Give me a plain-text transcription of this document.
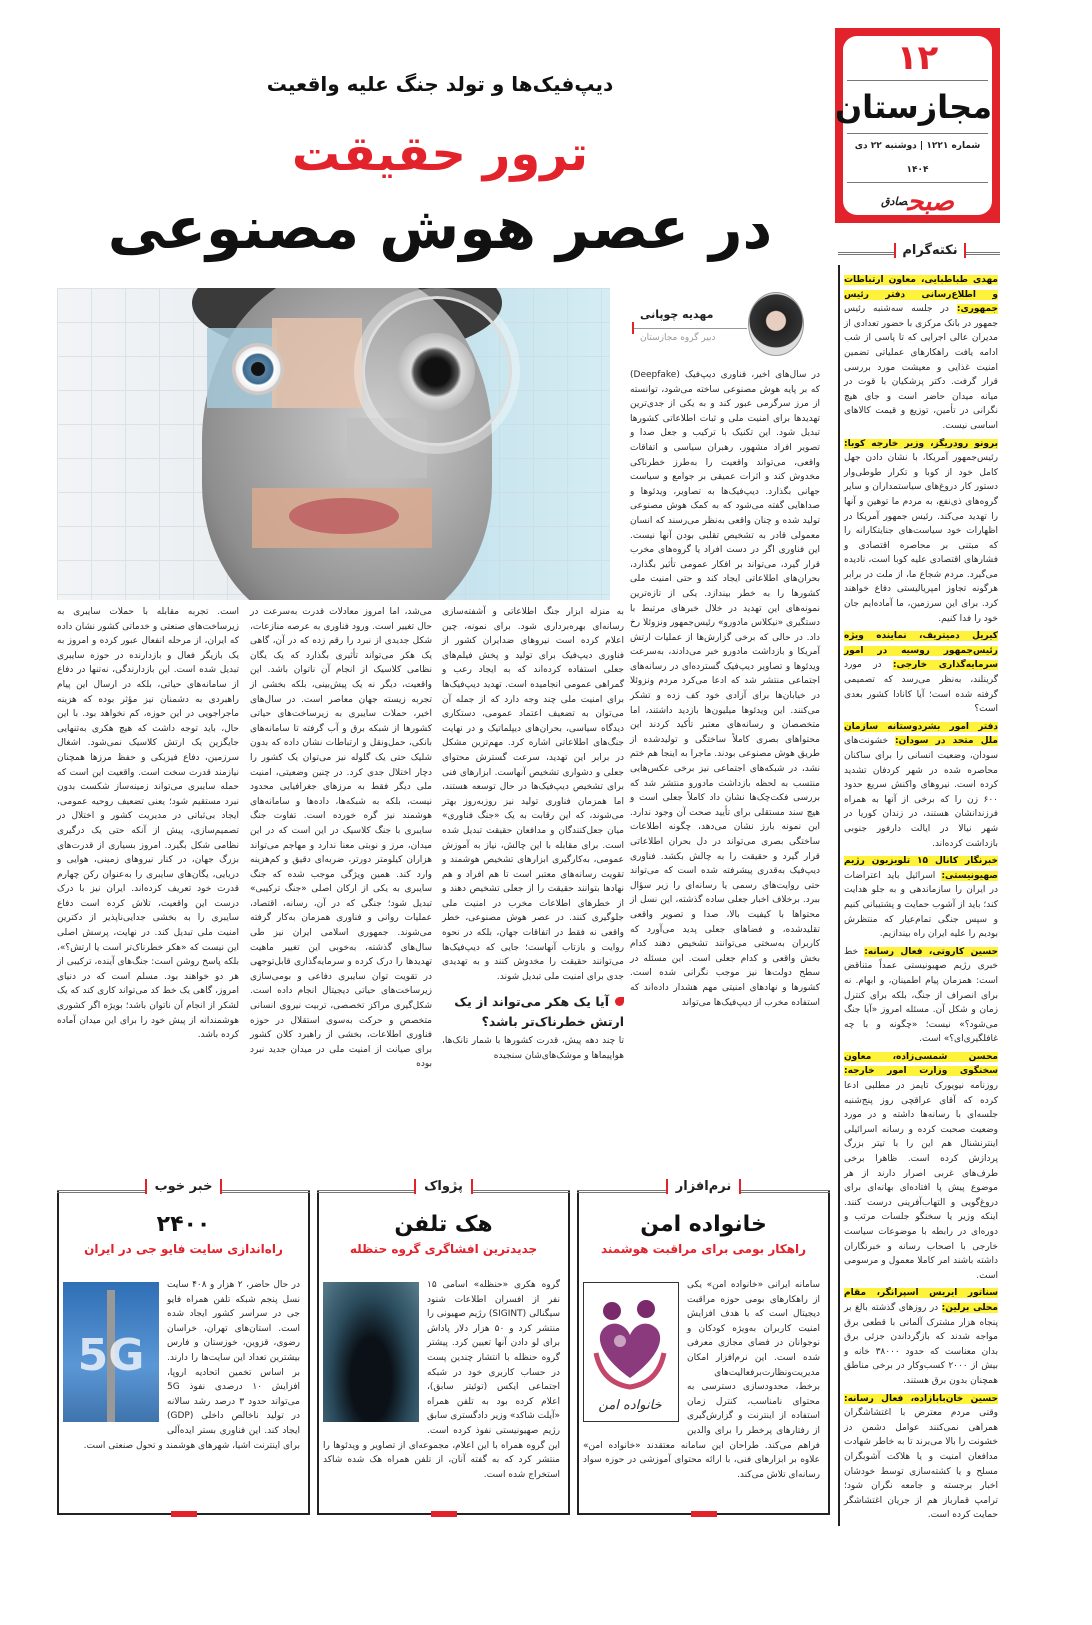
۱۲
مجازستان
شماره ۱۲۲۱ | دوشنبه ۲۲ دی ۱۴۰۴
صبح$^{صادق}$
دیپ‌فیک‌ها و تولد جنگ علیه واقعیت
ترور حقیقت
در عصر هوش مصنوعی
مهدیه چوپانی
دبیر گروه مجازستان
در سال‌های اخیر، فناوری دیپ‌فیک (Deepfake) که بر پایه هوش مصنوعی ساخته می‌شود، توانسته از مرز سرگرمی عبور کند و به یکی از جدی‌ترین تهدیدها برای امنیت ملی و ثبات اطلاعاتی کشورها تبدیل شود. این تکنیک با ترکیب و جعل صدا و تصویر افراد مشهور، رهبران سیاسی و اتفاقات واقعی، می‌تواند واقعیت را به‌طرز خطرناکی مخدوش کند و اثرات عمیقی بر جوامع و سیاست جهانی بگذارد. دیپ‌فیک‌ها به تصاویر، ویدئوها و صداهایی گفته می‌شود که به کمک هوش مصنوعی تولید شده و چنان واقعی به‌نظر می‌رسند که انسان معمولی قادر به تشخیص تقلبی بودن آنها نیست. این فناوری اگر در دست افراد یا گروه‌های مخرب قرار گیرد، می‌تواند بر افکار عمومی تأثیر بگذارد، بحران‌های اطلاعاتی ایجاد کند و حتی امنیت ملی کشورها را به خطر بیندازد. یکی از تازه‌ترین نمونه‌های این تهدید در خلال خبرهای مرتبط با دستگیری «نیکلاس مادورو» رئیس‌جمهور ونزوئلا رخ داد. در حالی که برخی گزارش‌ها از عملیات ارتش آمریکا و بازداشت مادورو خبر می‌دادند، به‌سرعت ویدئوها و تصاویر دیپ‌فیک گسترده‌ای در رسانه‌های اجتماعی منتشر شد که ادعا می‌کرد مردم ونزوئلا در خیابان‌ها برای آزادی خود کف زده و تشکر می‌کنند. این ویدئوها میلیون‌ها بازدید داشتند، اما متخصصان و رسانه‌های معتبر تأکید کردند این محتواهای بصری کاملاً ساختگی و تولیدشده از طریق هوش مصنوعی بودند. ماجرا به اینجا هم ختم نشد، در شبکه‌های اجتماعی نیز برخی عکس‌هایی منتسب به لحظه بازداشت مادورو منتشر شد که بررسی فکت‌چک‌ها نشان داد کاملاً جعلی است و هیچ سند مستقلی برای تأیید صحت آن وجود ندارد. این نمونه بارز نشان می‌دهد، چگونه اطلاعات ساختگی بصری می‌تواند در دل بحران اطلاعاتی قرار گیرد و حقیقت را به چالش بکشد. فناوری دیپ‌فیک به‌قدری پیشرفته شده است که می‌تواند حتی روایت‌های رسمی یا رسانه‌ای را زیر سؤال ببرد. برخلاف اخبار جعلی ساده گذشته، این نسل از محتواها با کیفیت بالا، صدا و تصویر واقعی تقلیدشده، و فضاهای جعلی پدید می‌آورد که کاربران به‌سختی می‌توانند تشخیص دهند کدام بخش واقعی و کدام جعلی است. این مسئله در سطح دولت‌ها نیز موجب نگرانی شده است. کشورها و نهادهای امنیتی مهم هشدار داده‌اند که استفاده مخرب از دیپ‌فیک‌ها می‌تواند
به منزله ابزار جنگ اطلاعاتی و آشفته‌سازی رسانه‌ای بهره‌برداری شود. برای نمونه، چین اعلام کرده است نیروهای ضدایران کشور از فناوری دیپ‌فیک برای تولید و پخش فیلم‌های جعلی استفاده کرده‌اند که به ایجاد رعب و گمراهی عمومی انجامیده است. تهدید دیپ‌فیک‌ها برای امنیت ملی چند وجه دارد که از جمله آن می‌توان به تضعیف اعتماد عمومی، دستکاری دیدگاه سیاسی، بحران‌های دیپلماتیک و در نهایت جنگ‌های اطلاعاتی اشاره کرد. مهم‌ترین مشکل در برابر این تهدید، سرعت گسترش محتوای جعلی و دشواری تشخیص آنهاست. ابزارهای فنی برای تشخیص دیپ‌فیک‌ها در حال توسعه هستند، اما همزمان فناوری تولید نیز روزبه‌روز بهتر می‌شوند، که این رقابت به یک «جنگ فناوری» میان جعل‌کنندگان و مدافعان حقیقت تبدیل شده است. برای مقابله با این چالش، نیاز به آموزش عمومی، به‌کارگیری ابزارهای تشخیص هوشمند و تقویت رسانه‌های معتبر است تا هم افراد و هم نهادها بتوانند حقیقت را از جعلی تشخیص دهند و از خطرهای اطلاعات مخرب در امنیت ملی جلوگیری کنند. در عصر هوش مصنوعی، خطر واقعی نه فقط در اتفاقات جهان، بلکه در نحوه روایت و بازتاب آنهاست؛ جایی که دیپ‌فیک‌ها می‌توانند حقیقت را مخدوش کنند و به تهدیدی جدی برای امنیت ملی تبدیل شوند.
آیا یک هکر می‌تواند از یک ارتش خطرناک‌تر باشد؟
تا چند دهه پیش، قدرت کشورها با شمار تانک‌ها، هواپیماها و موشک‌های‌شان سنجیده
می‌شد، اما امروز معادلات قدرت به‌سرعت در حال تغییر است. ورود فناوری به عرصه منازعات، شکل جدیدی از نبرد را رقم زده که در آن، گاهی یک هکر می‌تواند تأثیری بگذارد که یک یگان نظامی کلاسیک از انجام آن ناتوان باشد. این واقعیت، دیگر نه یک پیش‌بینی، بلکه بخشی از تجربه زیسته جهان معاصر است. در سال‌های اخیر، حملات سایبری به زیرساخت‌های حیاتی کشورها از شبکه برق و آب گرفته تا سامانه‌های بانکی، حمل‌ونقل و ارتباطات نشان داده که بدون شلیک حتی یک گلوله نیز می‌توان یک کشور را دچار اختلال جدی کرد. در چنین وضعیتی، امنیت ملی دیگر فقط به مرزهای جغرافیایی محدود نیست، بلکه به شبکه‌ها، داده‌ها و سامانه‌های هوشمند نیز گره خورده است. تفاوت جنگ سایبری با جنگ کلاسیک در این است که در این میدان، مرز و نوبتی معنا ندارد و مهاجم می‌تواند هزاران کیلومتر دورتر، ضربه‌ای دقیق و کم‌هزینه وارد کند. همین ویژگی موجب شده که جنگ سایبری به یکی از ارکان اصلی «جنگ ترکیبی» تبدیل شود؛ جنگی که در آن، رسانه، اقتصاد، عملیات روانی و فناوری همزمان به‌کار گرفته می‌شوند. جمهوری اسلامی ایران نیز طی سال‌های گذشته، به‌خوبی این تغییر ماهیت تهدیدها را درک کرده و سرمایه‌گذاری قابل‌توجهی در تقویت توان سایبری دفاعی و بومی‌سازی زیرساخت‌های حیاتی دیجیتال انجام داده است. شکل‌گیری مراکز تخصصی، تربیت نیروی انسانی متخصص و حرکت به‌سوی استقلال در حوزه فناوری اطلاعات، بخشی از راهبرد کلان کشور برای صیانت از امنیت ملی در میدان جدید نبرد بوده
است. تجربه مقابله با حملات سایبری به زیرساخت‌های صنعتی و خدماتی کشور نشان داده که ایران، از مرحله انفعال عبور کرده و امروز به یک بازیگر فعال و بازدارنده در حوزه سایبری تبدیل شده است. این بازدارندگی، نه‌تنها در دفاع از سامانه‌های حیاتی، بلکه در ارسال این پیام راهبردی به دشمنان نیز مؤثر بوده که هزینه ماجراجویی در این حوزه، کم نخواهد بود. با این حال، باید توجه داشت که هیچ هکری به‌تنهایی جایگزین یک ارتش کلاسیک نمی‌شود. اشغال سرزمین، دفاع فیزیکی و حفظ مرزها همچنان نیازمند قدرت سخت است. واقعیت این است که حمله سایبری می‌تواند زمینه‌ساز شکست بدون نبرد مستقیم شود؛ یعنی تضعیف روحیه عمومی، ایجاد بی‌ثباتی در مدیریت کشور و اختلال در تصمیم‌سازی، پیش از آنکه حتی یک درگیری نظامی شکل بگیرد. امروز بسیاری از قدرت‌های بزرگ جهان، در کنار نیروهای زمینی، هوایی و دریایی، یگان‌های سایبری را به‌عنوان رکن چهارم قدرت خود تعریف کرده‌اند. ایران نیز با درک درست این واقعیت، تلاش کرده است دفاع سایبری را به بخشی جدایی‌ناپذیر از دکترین امنیت ملی تبدیل کند. در نهایت، پرسش اصلی این نیست که «هکر خطرناک‌تر است یا ارتش؟»، بلکه پاسخ روشن است: جنگ‌های آینده، ترکیبی از هر دو خواهند بود. مسلم است که در دنیای امروز، گاهی یک خط کد می‌تواند کاری کند که یک لشکر از انجام آن ناتوان باشد؛ بویژه اگر کشوری هوشمندانه از پیش خود را برای این میدان آماده کرده باشد.
نکته‌گرام

مهدی طباطبایی، معاون ارتباطات و اطلاع‌رسانی دفتر رئیس جمهوری: در جلسه سه‌شنبه رئیس جمهور در بانک مرکزی با حضور تعدادی از مدیران عالی اجرایی که تا پاسی از شب ادامه یافت راهکارهای عملیاتی تضمین امنیت غذایی و معیشت مورد بررسی قرار گرفت. دکتر پزشکیان با قوت در میانه میدان حاضر است و جای هیچ نگرانی در تأمین، توزیع و قیمت کالاهای اساسی نیست.

برونو رودریگز، وزیر خارجه کوبا: رئیس‌جمهور آمریکا، با نشان دادن جهل کامل خود از کوبا و تکرار طوطی‌وار دستور کار دروغ‌های سیاستمداران و سایر گروه‌های ذی‌نفع، به مردم ما توهین و آنها را تهدید می‌کند. رئیس جمهور آمریکا در اظهارات خود سیاست‌های جنایتکارانه را که مبتنی بر محاصره اقتصادی و فشارهای اقتصادی علیه کوبا است، نادیده می‌گیرد. مردم شجاع ما، از ملت در برابر هرگونه تجاوز امپریالیستی دفاع خواهند کرد. برای این سرزمین، ما آماده‌ایم جان خود را فدا کنیم.

کیریل دمیتریف، نماینده ویژه رئیس‌جمهور روسیه در امور سرمایه‌گذاری خارجی: در مورد گرینلند، به‌نظر می‌رسد که تصمیمی گرفته شده است؛ آیا کانادا کشور بعدی است؟

دفتر امور بشردوستانه سازمان ملل متحد در سودان: خشونت‌های سودان، وضعیت انسانی را برای ساکنان محاصره شده در شهر کردفان تشدید کرده است. نیروهای واکنش سریع حدود ۶۰۰ زن را که برخی از آنها به همراه فرزندانشان هستند، در زندان کوریا در شهر نیالا در ایالت دارفور جنوبی بازداشت کرده‌اند.

خبرنگار کانال ۱۵ تلویزیون رژیم صهیونیستی: اسرائیل باید اعتراضات در ایران را سازماندهی و به جلو هدایت کند؛ باید از آشوب حمایت و پشتیبانی کنیم و سپس جنگی تمام‌عیار که منتظرش بودیم را علیه ایران راه بیندازیم.

حسین کاروتی، فعال رسانه: خط خبری رژیم صهیونیستی عمداً متناقض است: همزمان پیام اطمینان، و ابهام. نه برای انصراف از جنگ، بلکه برای کنترل زمان و شکل آن. مسئله امروز «آیا جنگ می‌شود؟» نیست؛ «چگونه و با چه غافلگیری‌ای؟» است.

محسن شمسی‌زاده، معاون سخنگوی وزارت امور خارجه: روزنامه نیویورک تایمز در مطلبی ادعا کرده که آقای عراقچی روز پنج‌شنبه جلسه‌ای با رسانه‌ها داشته و در مورد وضعیت صحبت کرده و رسانه اسرائیلی اینترنشنال هم این را با تیتر بزرگ پردازش کرده است. ظاهرا برخی طرف‌های غربی اصرار دارند از هر موضوع پیش پا افتاده‌ای بهانه‌ای برای دروغ‌گویی و التهاب‌آفرینی درست کنند. اینکه وزیر یا سخنگو جلسات مرتب و دوره‌ای در رابطه با موضوعات سیاست خارجی با اصحاب رسانه و خبرنگاران داشته باشند امر کاملا معمول و مرسومی است.

سناتور ایریس اسپرانگر، مقام محلی برلین: در روزهای گذشته بالغ بر پنجاه هزار مشترک آلمانی با قطعی برق مواجه شدند که بازگرداندن جزئی برق بدان معناست که حدود ۳۸۰۰۰ خانه و بیش از ۲۰۰۰ کسب‌وکار در برخی مناطق همچنان بدون برق هستند.

حسین خان‌بابازاده، فعال رسانه: وقتی مردم معترض با اغتشاشگران همراهی نمی‌کنند عوامل دشمن دز خشونت را بالا می‌برند تا به خاطر شهادت مدافعان امنیت و یا هلاکت آشوبگران مسلح و یا کشته‌سازی توسط خودشان اخبار برجسته و جامعه نگران شود؛ ترامپ قمارباز هم از جریان اغتشاشگر حمایت کرده است.

نرم‌افزار
خانواده امن
راهکار بومی برای مراقبت هوشمند
خانواده امن
سامانه ایرانی «خانواده امن» یکی از راهکارهای بومی حوزه مراقبت دیجیتال است که با هدف افزایش امنیت کاربران به‌ویژه کودکان و نوجوانان در فضای مجازی معرفی شده است. این نرم‌افزار امکان مدیریت‌ونظارت‌برفعالیت‌های برخط، محدودسازی دسترسی به محتوای نامناسب، کنترل زمان استفاده از اینترنت و گزارش‌گیری از رفتارهای پرخطر را برای والدین فراهم می‌کند. طراحان این سامانه معتقدند «خانواده امن» علاوه بر ابزارهای فنی، با ارائه محتوای آموزشی در حوزه سواد رسانه‌ای تلاش می‌کند.
پژواک
هک تلفن
جدیدترین افشاگری گروه حنظله
گروه هکری «حنظله» اسامی ۱۵ نفر از افسران اطلاعات شنود سیگنالی (SIGINT) رژیم صهیونی را منتشر کرد و ۵۰ هزار دلار پاداش برای لو دادن آنها تعیین کرد. پیشتر گروه حنظله با انتشار چندین پست در حساب کاربری خود در شبکه اجتماعی ایکس (توئیتر سابق)، اعلام کرده بود به تلفن همراه «آیلت شاکد» وزیر دادگستری سابق رژیم صهیونیستی نفوذ کرده است. این گروه همراه با این اعلام، مجموعه‌ای از تصاویر و ویدئوها را منتشر کرد که به گفته آنان، از تلفن همراه هک شده شاکد استخراج شده است.
خبر خوب
۲۴۰۰
راه‌اندازی سایت فایو جی در ایران
5G
در حال حاضر، ۲ هزار و ۴۰۸ سایت نسل پنجم شبکه تلفن همراه فایو جی در سراسر کشور ایجاد شده است. استان‌های تهران، خراسان رضوی، قزوین، خوزستان و فارس بیشترین تعداد این سایت‌ها را دارند. بر اساس تخمین اتحادیه اروپا، افزایش ۱۰ درصدی نفوذ 5G می‌تواند حدود ۳ درصد رشد سالانه در تولید ناخالص داخلی (GDP) ایجاد کند. این فناوری بستر ایده‌آلی برای اینترنت اشیا، شهرهای هوشمند و تحول صنعتی است.
